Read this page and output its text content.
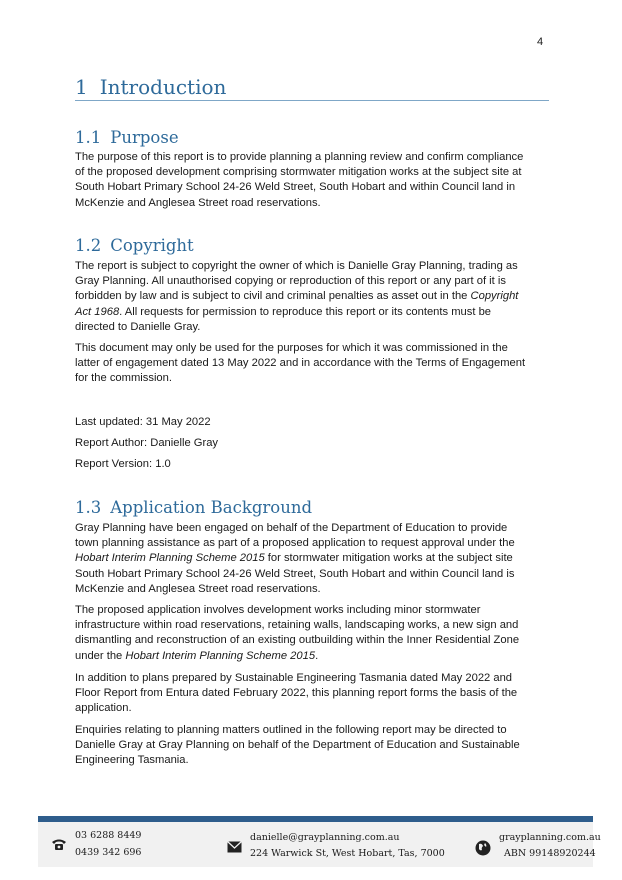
4
1 Introduction
1.1 Purpose

The purpose of this report is to provide planning a planning review and confirm compliance
of the proposed development comprising stormwater mitigation works at the subject site at
South Hobart Primary School 24-26 Weld Street, South Hobart and within Council land in
McKenzie and Anglesea Street road reservations.

1.2 Copyright

The report is subject to copyright the owner of which is Danielle Gray Planning, trading as
Gray Planning. All unauthorised copying or reproduction of this report or any part of it is
forbidden by law and is subject to civil and criminal penalties as asset out in the Copyright
Act 1968. All requests for permission to reproduce this report or its contents must be
directed to Danielle Gray.

This document may only be used for the purposes for which it was commissioned in the
latter of engagement dated 13 May 2022 and in accordance with the Terms of Engagement
for the commission.

Last updated: 31 May 2022
Report Author: Danielle Gray
Report Version: 1.0
1.3 Application Background

Gray Planning have been engaged on behalf of the Department of Education to provide
town planning assistance as part of a proposed application to request approval under the
Hobart Interim Planning Scheme 2015 for stormwater mitigation works at the subject site
South Hobart Primary School 24-26 Weld Street, South Hobart and within Council land is
McKenzie and Anglesea Street road reservations.

The proposed application involves development works including minor stormwater
infrastructure within road reservations, retaining walls, landscaping works, a new sign and
dismantling and reconstruction of an existing outbuilding within the Inner Residential Zone
under the Hobart Interim Planning Scheme 2015.

In addition to plans prepared by Sustainable Engineering Tasmania dated May 2022 and
Floor Report from Entura dated February 2022, this planning report forms the basis of the
application.

Enquiries relating to planning matters outlined in the following report may be directed to
Danielle Gray at Gray Planning on behalf of the Department of Education and Sustainable
Engineering Tasmania.

03 6288 8449
0439 342 696
danielle@grayplanning.com.au
224 Warwick St, West Hobart, Tas, 7000
grayplanning.com.au
ABN 99148920244
